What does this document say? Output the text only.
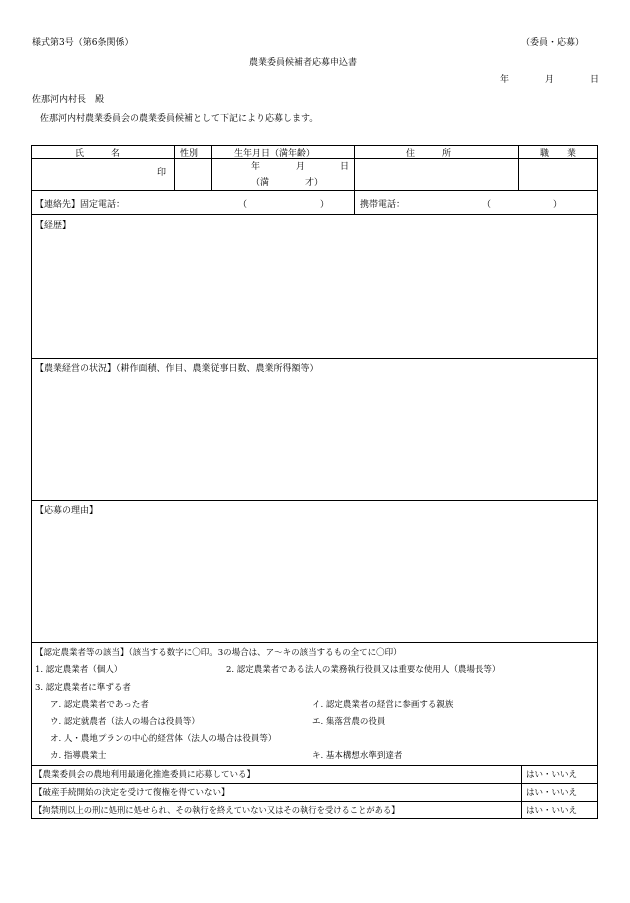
様式第3号（第6条関係）	（委員・応募）
農業委員候補者応募申込書
年	月	日
佐那河内村長　殿
佐那河内村農業委員会の農業委員候補として下記により応募します。
氏　　　名	性別	生年月日（満年齢）	住　　　所	職　　業
印
年	月	日
（満	才）
【連絡先】固定電話：	（	）	携帯電話：	（	）
【経歴】
【農業経営の状況】（耕作面積、作目、農業従事日数、農業所得額等）
【応募の理由】
【認定農業者等の該当】（該当する数字に〇印。3の場合は、ア～キの該当するもの全てに〇印）
1. 認定農業者（個人）	2. 認定農業者である法人の業務執行役員又は重要な使用人（農場長等）
3. 認定農業者に準ずる者
ア. 認定農業者であった者	イ. 認定農業者の経営に参画する親族
ウ. 認定就農者（法人の場合は役員等）	エ. 集落営農の役員
オ. 人・農地プランの中心的経営体（法人の場合は役員等）
カ. 指導農業士	キ. 基本構想水準到達者
【農業委員会の農地利用最適化推進委員に応募している】	はい・いいえ
【破産手続開始の決定を受けて復権を得ていない】	はい・いいえ
【拘禁刑以上の刑に処刑に処せられ、その執行を終えていない又はその執行を受けることがある】	はい・いいえ
